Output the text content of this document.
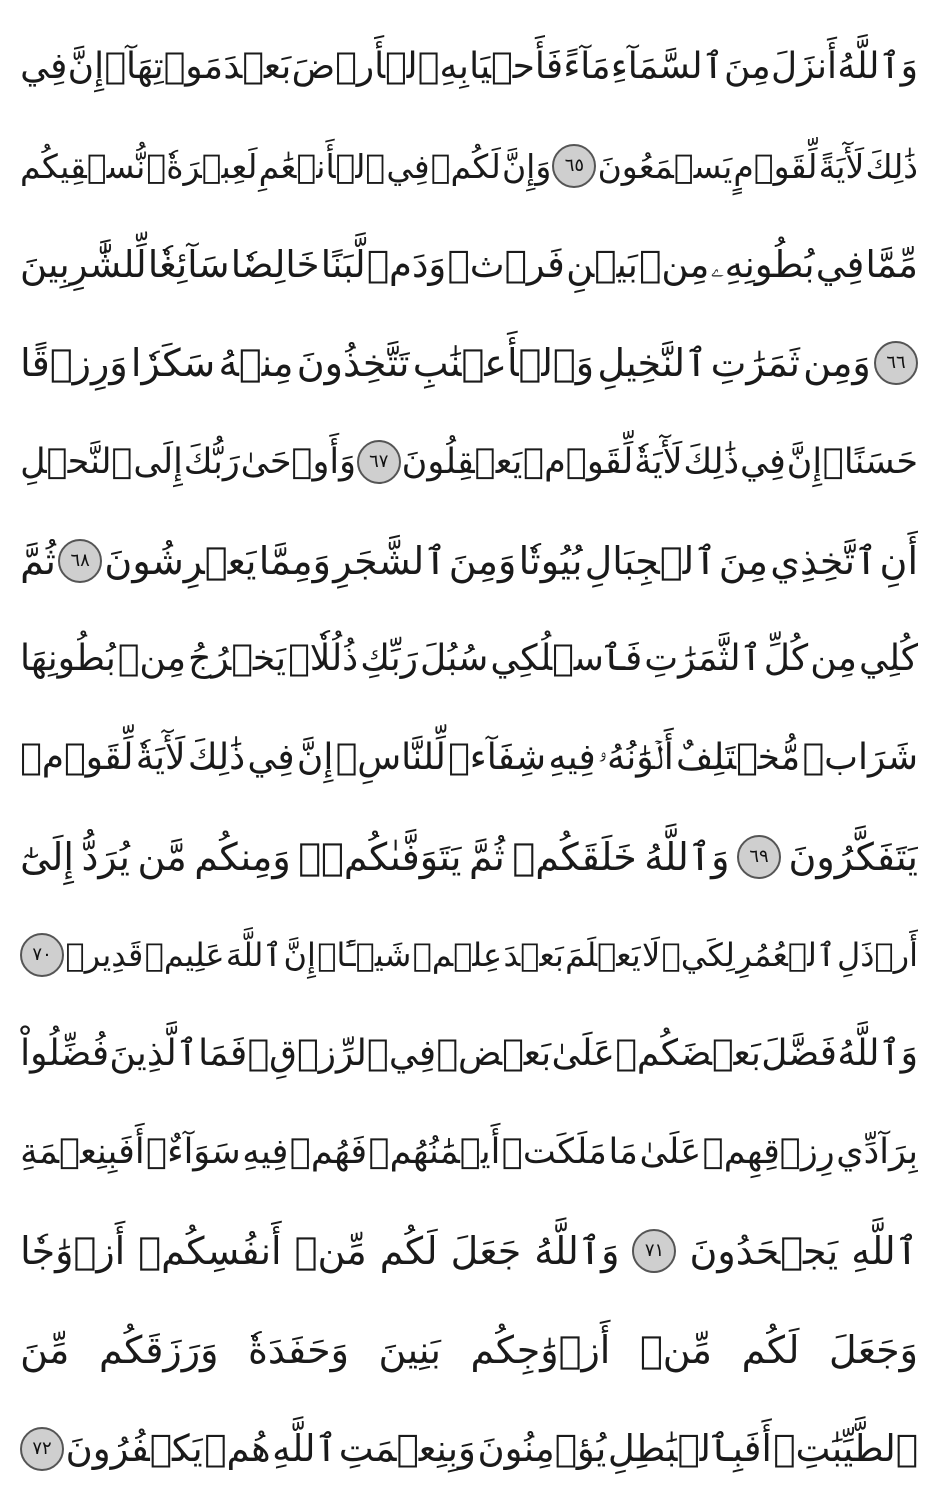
وَٱللَّهُ
أَنزَلَ
مِنَ
ٱلسَّمَآءِ
مَآءً
فَأَحۡيَا
بِهِ
ٱلۡأَرۡضَ
بَعۡدَ
مَوۡتِهَآۚ
إِنَّ
فِي
ذَٰلِكَ
لَأٓيَةً
لِّقَوۡمٍ
يَسۡمَعُونَ
٦٥
وَإِنَّ
لَكُمۡ
فِي
ٱلۡأَنۡعَٰمِ
لَعِبۡرَةٗۖ
نُّسۡقِيكُم
مِّمَّا
فِي
بُطُونِهِۦ
مِنۢ
بَيۡنِ
فَرۡثٖ
وَدَمٖ
لَّبَنًا
خَالِصٗا
سَآئِغٗا
لِّلشَّٰرِبِينَ
٦٦
وَمِن
ثَمَرَٰتِ
ٱلنَّخِيلِ
وَٱلۡأَعۡنَٰبِ
تَتَّخِذُونَ
مِنۡهُ
سَكَرٗا
وَرِزۡقًا
حَسَنًاۚ
إِنَّ
فِي
ذَٰلِكَ
لَأٓيَةٗ
لِّقَوۡمٖ
يَعۡقِلُونَ
٦٧
وَأَوۡحَىٰ
رَبُّكَ
إِلَى
ٱلنَّحۡلِ
أَنِ
ٱتَّخِذِي
مِنَ
ٱلۡجِبَالِ
بُيُوتٗا
وَمِنَ
ٱلشَّجَرِ
وَمِمَّا
يَعۡرِشُونَ
٦٨
ثُمَّ
كُلِي
مِن
كُلِّ
ٱلثَّمَرَٰتِ
فَٱسۡلُكِي
سُبُلَ
رَبِّكِ
ذُلُلٗاۚ
يَخۡرُجُ
مِنۢ
بُطُونِهَا
شَرَابٞ
مُّخۡتَلِفٌ
أَلۡوَٰنُهُۥ
فِيهِ
شِفَآءٞ
لِّلنَّاسِۚ
إِنَّ
فِي
ذَٰلِكَ
لَأٓيَةٗ
لِّقَوۡمٖ
يَتَفَكَّرُونَ
٦٩
وَٱللَّهُ
خَلَقَكُمۡ
ثُمَّ
يَتَوَفَّىٰكُمۡۚ
وَمِنكُم
مَّن
يُرَدُّ
إِلَىٰٓ
أَرۡذَلِ
ٱلۡعُمُرِ
لِكَيۡ
لَا
يَعۡلَمَ
بَعۡدَ
عِلۡمٖ
شَيۡـًٔاۚ
إِنَّ
ٱللَّهَ
عَلِيمٞ
قَدِيرٞ
٧٠
وَٱللَّهُ
فَضَّلَ
بَعۡضَكُمۡ
عَلَىٰ
بَعۡضٖ
فِي
ٱلرِّزۡقِۚ
فَمَا
ٱلَّذِينَ
فُضِّلُواْ
بِرَآدِّي
رِزۡقِهِمۡ
عَلَىٰ
مَا
مَلَكَتۡ
أَيۡمَٰنُهُمۡ
فَهُمۡ
فِيهِ
سَوَآءٌۚ
أَفَبِنِعۡمَةِ
ٱللَّهِ
يَجۡحَدُونَ
٧١
وَٱللَّهُ
جَعَلَ
لَكُم
مِّنۡ
أَنفُسِكُمۡ
أَزۡوَٰجٗا
وَجَعَلَ
لَكُم
مِّنۡ
أَزۡوَٰجِكُم
بَنِينَ
وَحَفَدَةٗ
وَرَزَقَكُم
مِّنَ
ٱلطَّيِّبَٰتِۚ
أَفَبِٱلۡبَٰطِلِ
يُؤۡمِنُونَ
وَبِنِعۡمَتِ
ٱللَّهِ
هُمۡ
يَكۡفُرُونَ
٧٢
